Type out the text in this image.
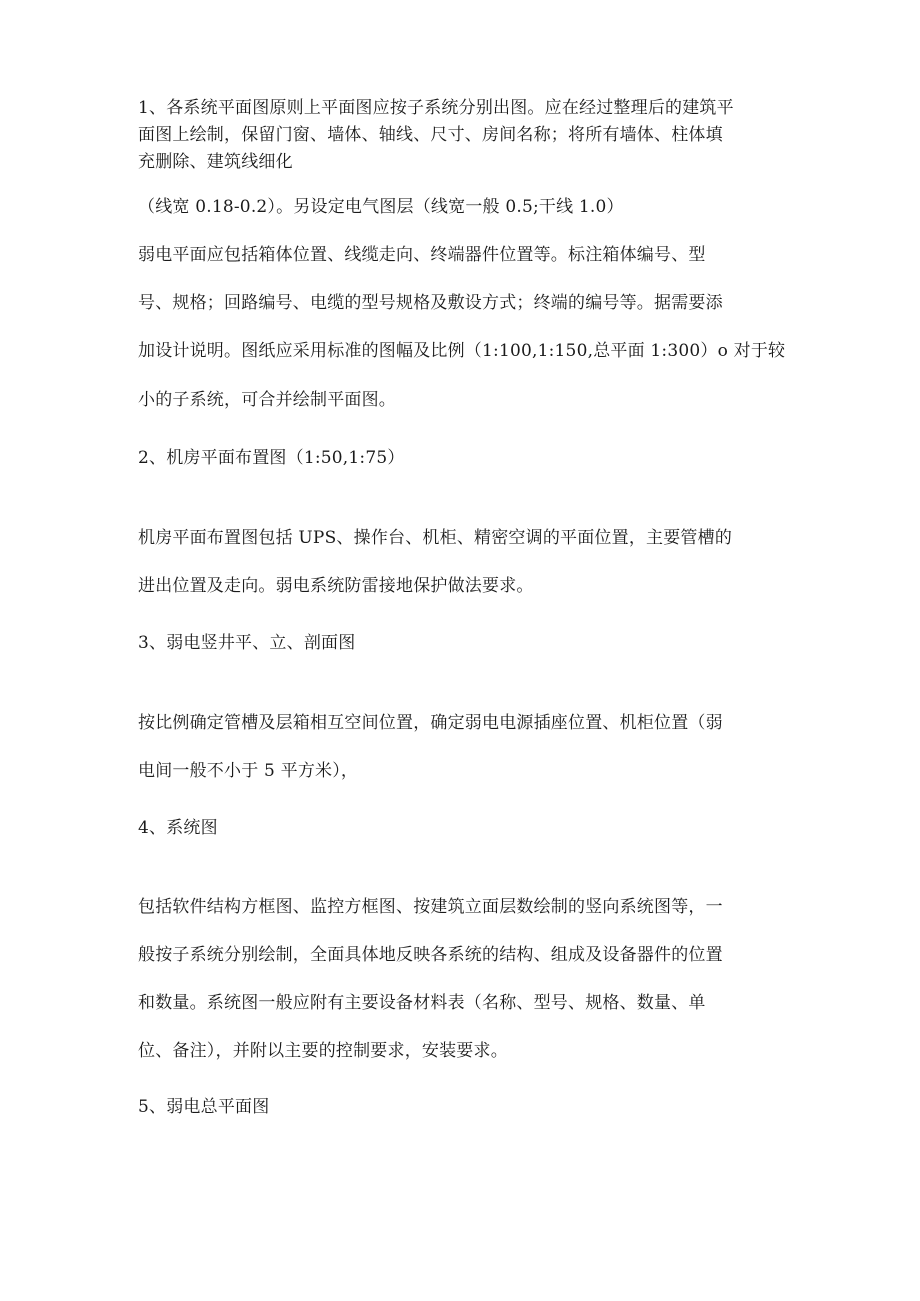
1、各系统平面图原则上平面图应按子系统分别出图。应在经过整理后的建筑平
面图上绘制，保留门窗、墙体、轴线、尺寸、房间名称；将所有墙体、柱体填
充删除、建筑线细化
（线宽 0.18-0.2）。另设定电气图层（线宽一般 0.5;干线 1.0）
弱电平面应包括箱体位置、线缆走向、终端器件位置等。标注箱体编号、型
号、规格；回路编号、电缆的型号规格及敷设方式；终端的编号等。据需要添
加设计说明。图纸应采用标准的图幅及比例（1:100,1:150,总平面 1:300）o 对于较
小的子系统，可合并绘制平面图。
2、机房平面布置图（1:50,1:75）
机房平面布置图包括 UPS、操作台、机柜、精密空调的平面位置，主要管槽的
进出位置及走向。弱电系统防雷接地保护做法要求。
3、弱电竖井平、立、剖面图
按比例确定管槽及层箱相互空间位置，确定弱电电源插座位置、机柜位置（弱
电间一般不小于 5 平方米），
4、系统图
包括软件结构方框图、监控方框图、按建筑立面层数绘制的竖向系统图等，一
般按子系统分别绘制，全面具体地反映各系统的结构、组成及设备器件的位置
和数量。系统图一般应附有主要设备材料表（名称、型号、规格、数量、单
位、备注），并附以主要的控制要求，安装要求。
5、弱电总平面图
